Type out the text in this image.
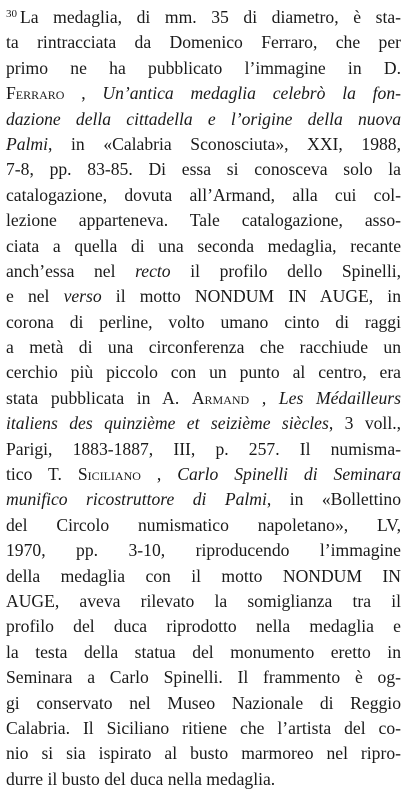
$^{30}$ La medaglia, di mm. 35 di diametro, è sta-
ta rintracciata da Domenico Ferraro, che per
primo ne ha pubblicato l’immagine in D.
Ferraro , Un’antica medaglia celebrò la fon-
dazione della cittadella e l’origine della nuova
Palmi, in «Calabria Sconosciuta», XXI, 1988,
7-8, pp. 83-85. Di essa si conosceva solo la
catalogazione, dovuta all’Armand, alla cui col-
lezione apparteneva. Tale catalogazione, asso-
ciata a quella di una seconda medaglia, recante
anch’essa nel recto il profilo dello Spinelli,
e nel verso il motto NONDUM IN AUGE, in
corona di perline, volto umano cinto di raggi
a metà di una circonferenza che racchiude un
cerchio più piccolo con un punto al centro, era
stata pubblicata in A. Armand , Les Médailleurs
italiens des quinzième et seizième siècles, 3 voll.,
Parigi, 1883-1887, III, p. 257. Il numisma-
tico T. Siciliano , Carlo Spinelli di Seminara
munifico ricostruttore di Palmi, in «Bollettino
del Circolo numismatico napoletano», LV,
1970, pp. 3-10, riproducendo l’immagine
della medaglia con il motto NONDUM IN
AUGE, aveva rilevato la somiglianza tra il
profilo del duca riprodotto nella medaglia e
la testa della statua del monumento eretto in
Seminara a Carlo Spinelli. Il frammento è og-
gi conservato nel Museo Nazionale di Reggio
Calabria. Il Siciliano ritiene che l’artista del co-
nio si sia ispirato al busto marmoreo nel ripro-
durre il busto del duca nella medaglia.
